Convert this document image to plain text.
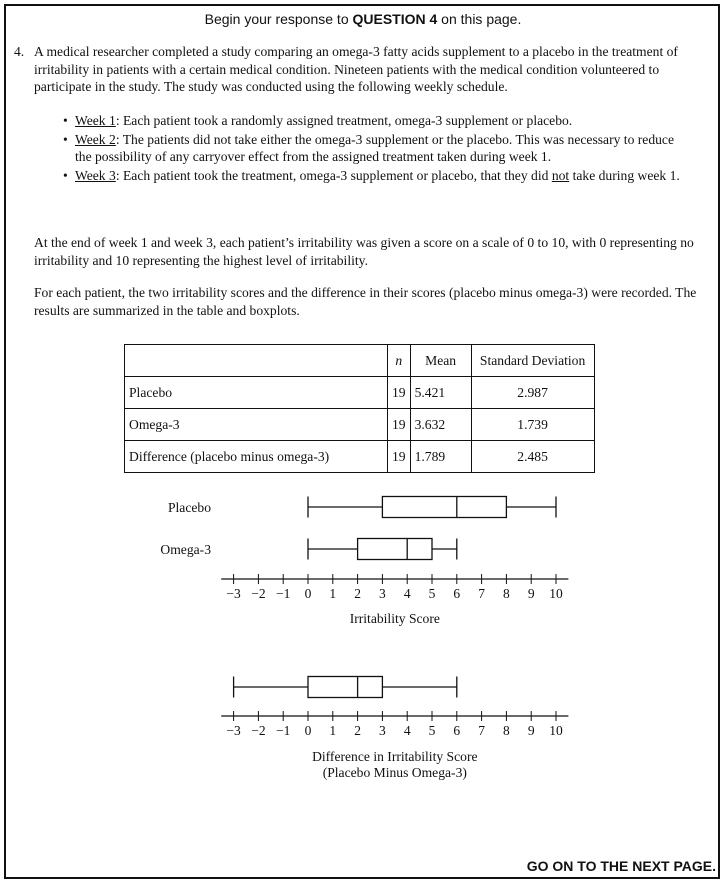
Begin your response to QUESTION 4 on this page.
4. A medical researcher completed a study comparing an omega-3 fatty acids supplement to a placebo in the treatment of irritability in patients with a certain medical condition. Nineteen patients with the medical condition volunteered to participate in the study. The study was conducted using the following weekly schedule.
• Week 1: Each patient took a randomly assigned treatment, omega-3 supplement or placebo.
• Week 2: The patients did not take either the omega-3 supplement or the placebo. This was necessary to reduce the possibility of any carryover effect from the assigned treatment taken during week 1.
• Week 3: Each patient took the treatment, omega-3 supplement or placebo, that they did not take during week 1.
At the end of week 1 and week 3, each patient’s irritability was given a score on a scale of 0 to 10, with 0 representing no irritability and 10 representing the highest level of irritability.
For each patient, the two irritability scores and the difference in their scores (placebo minus omega-3) were recorded. The results are summarized in the table and boxplots.
	n	Mean	Standard Deviation
Placebo	19	5.421	2.987
Omega-3	19	3.632	1.739
Difference (placebo minus omega-3)	19	1.789	2.485
Placebo
Omega-3
−3 −2 −1 0 1 2 3 4 5 6 7 8 9 10
Irritability Score
−3 −2 −1 0 1 2 3 4 5 6 7 8 9 10
Difference in Irritability Score
(Placebo Minus Omega-3)
GO ON TO THE NEXT PAGE.
